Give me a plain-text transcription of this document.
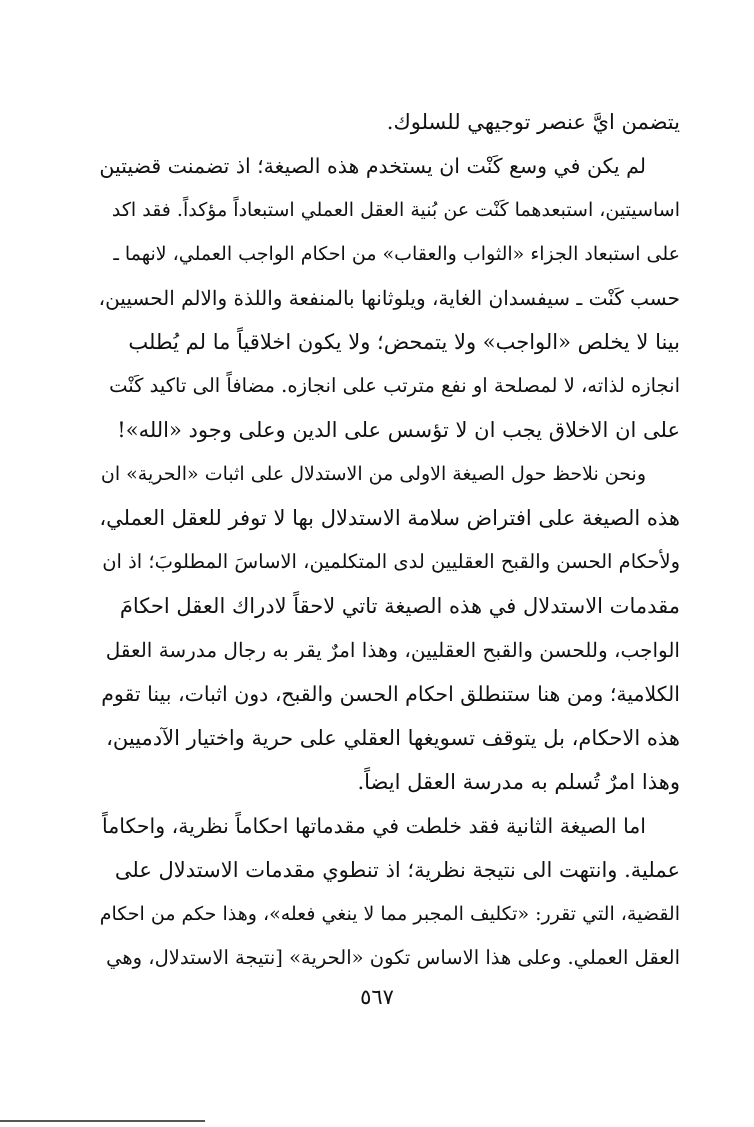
يتضمن ايَّ عنصر توجيهي للسلوك.
لم يكن في وسع كَنْت ان يستخدم هذه الصيغة؛ اذ تضمنت قضيتين
اساسيتين، استبعدهما كَنْت عن بُنية العقل العملي استبعاداً مؤكداً. فقد اكد
على استبعاد الجزاء «الثواب والعقاب» من احكام الواجب العملي، لانهما ـ
حسب كَنْت ـ سيفسدان الغاية، ويلوثانها بالمنفعة واللذة والالم الحسيين،
بينا لا يخلص «الواجب» ولا يتمحض؛ ولا يكون اخلاقياً ما لم يُطلب
انجازه لذاته، لا لمصلحة او نفع مترتب على انجازه. مضافاً الى تاكيد كَنْت
على ان الاخلاق يجب ان لا تؤسس على الدين وعلى وجود «الله»!
ونحن نلاحظ حول الصيغة الاولى من الاستدلال على اثبات «الحرية» ان
هذه الصيغة على افتراض سلامة الاستدلال بها لا توفر للعقل العملي،
ولأحكام الحسن والقبح العقليين لدى المتكلمين، الاساسَ المطلوبَ؛ اذ ان
مقدمات الاستدلال في هذه الصيغة تاتي لاحقاً لادراك العقل احكامَ
الواجب، وللحسن والقبح العقليين، وهذا امرٌ يقر به رجال مدرسة العقل
الكلامية؛ ومن هنا ستنطلق احكام الحسن والقبح، دون اثبات، بينا تقوم
هذه الاحكام، بل يتوقف تسويغها العقلي على حرية واختيار الآدميين،
وهذا امرٌ تُسلم به مدرسة العقل ايضاً.
اما الصيغة الثانية فقد خلطت في مقدماتها احكاماً نظرية، واحكاماً
عملية. وانتهت الى نتيجة نظرية؛ اذ تنطوي مقدمات الاستدلال على
القضية، التي تقرر: «تكليف المجبر مما لا ينغي فعله»، وهذا حكم من احكام
العقل العملي. وعلى هذا الاساس تكون «الحرية» [نتيجة الاستدلال، وهي
٥٦٧
